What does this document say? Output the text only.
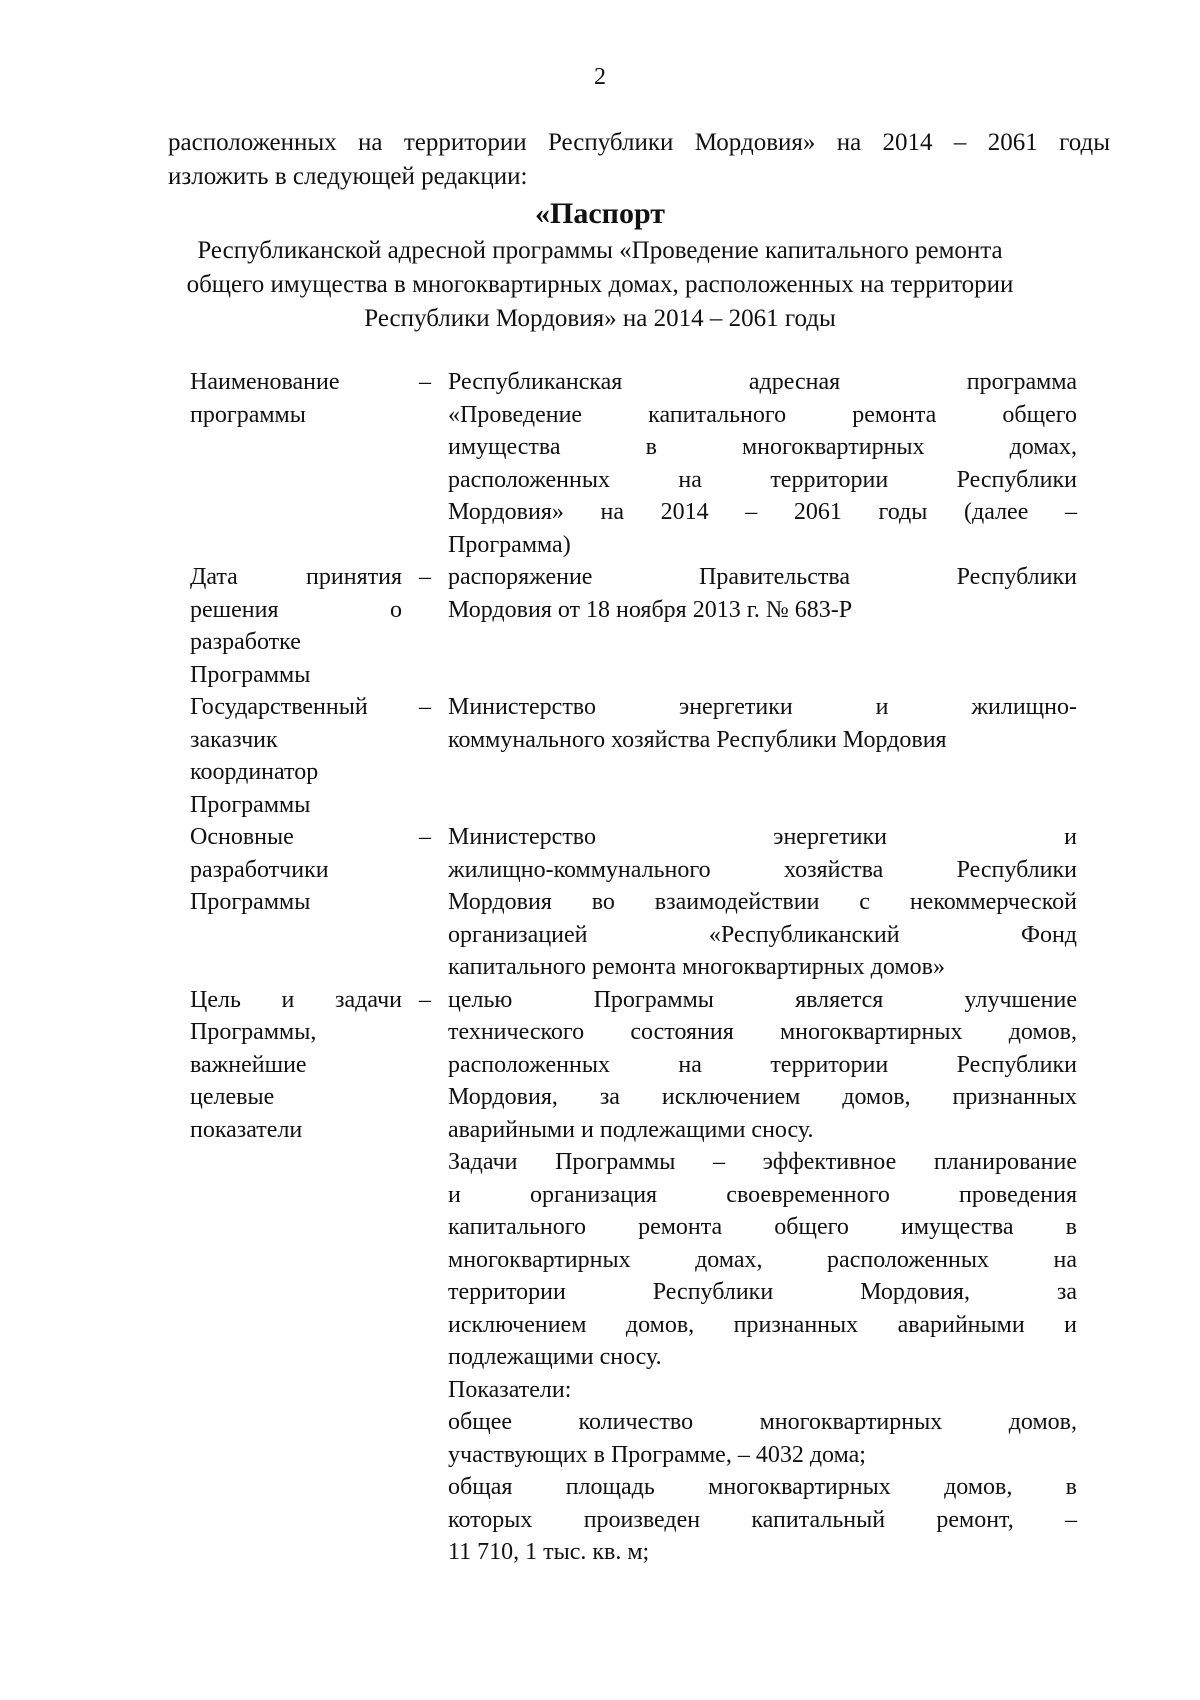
2
расположенных на территории Республики Мордовия» на 2014 – 2061 годы
изложить в следующей редакции:
«Паспорт
Республиканской адресной программы «Проведение капитального ремонта
общего имущества в многоквартирных домах, расположенных на территории
Республики Мордовия» на 2014 – 2061 годы
Наименование
программы
– Республиканская адресная программа
«Проведение капитального ремонта общего
имущества в многоквартирных домах,
расположенных на территории Республики
Мордовия» на 2014 – 2061 годы (далее –
Программа)
Дата принятия
решения о
разработке
Программы
– распоряжение Правительства Республики
Мордовия от 18 ноября 2013 г. № 683-Р
Государственный
заказчик
координатор
Программы
– Министерство энергетики и жилищно-
коммунального хозяйства Республики Мордовия
Основные
разработчики
Программы
– Министерство энергетики и
жилищно-коммунального хозяйства Республики
Мордовия во взаимодействии с некоммерческой
организацией «Республиканский Фонд
капитального ремонта многоквартирных домов»
Цель и задачи
Программы,
важнейшие
целевые
показатели
– целью Программы является улучшение
технического состояния многоквартирных домов,
расположенных на территории Республики
Мордовия, за исключением домов, признанных
аварийными и подлежащими сносу.
Задачи Программы – эффективное планирование
и организация своевременного проведения
капитального ремонта общего имущества в
многоквартирных домах, расположенных на
территории Республики Мордовия, за
исключением домов, признанных аварийными и
подлежащими сносу.
Показатели:
общее количество многоквартирных домов,
участвующих в Программе, – 4032 дома;
общая площадь многоквартирных домов, в
которых произведен капитальный ремонт, –
11 710, 1 тыс. кв. м;
